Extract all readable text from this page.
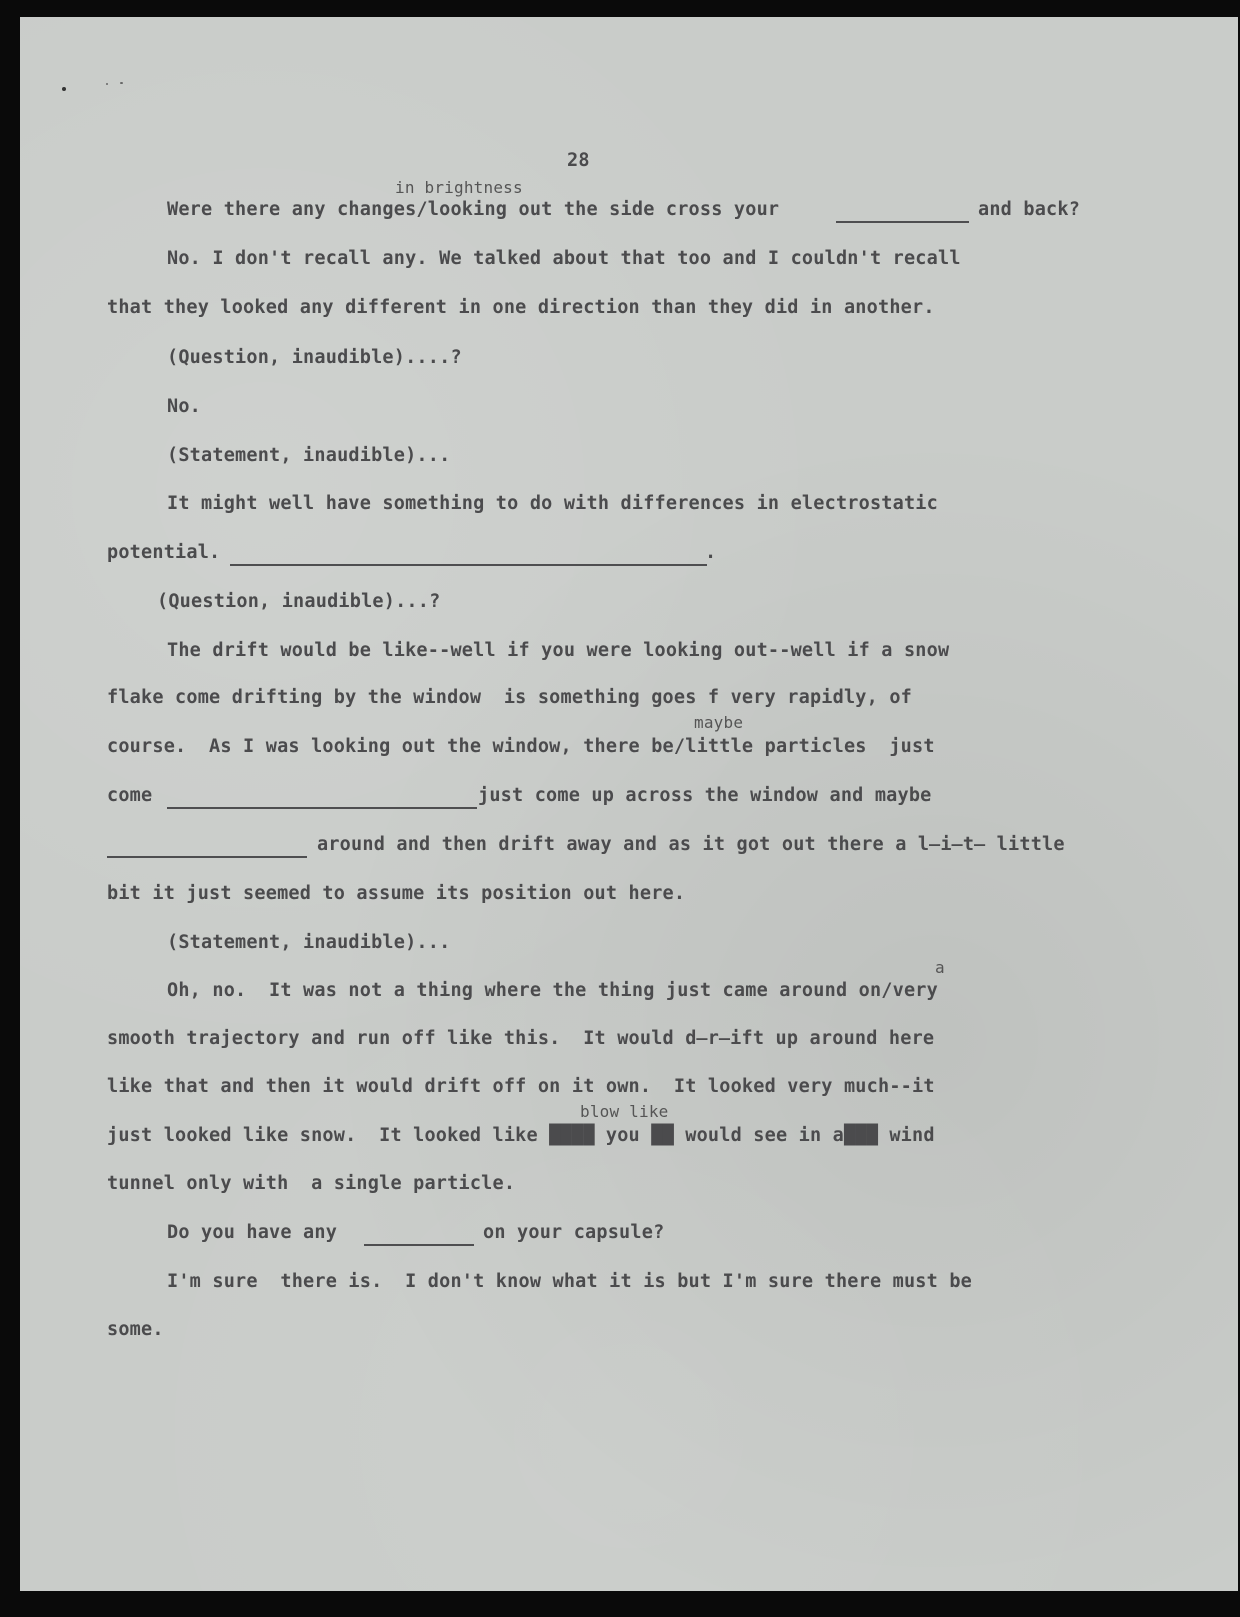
28
in brightness
Were there any changes/looking out the side cross your	and back?
No. I don't recall any. We talked about that too and I couldn't recall
that they looked any different in one direction than they did in another.
(Question, inaudible)....?
No.
(Statement, inaudible)...
It might well have something to do with differences in electrostatic
potential.	.
(Question, inaudible)...?
The drift would be like--well if you were looking out--well if a snow
flake come drifting by the window  is something goes f very rapidly, of
maybe
course.  As I was looking out the window, there be/little particles  just
come	just come up across the window and maybe
around and then drift away and as it got out there a l̶i̶t̶ little
bit it just seemed to assume its position out here.
(Statement, inaudible)...
a
Oh, no.  It was not a thing where the thing just came around on/very
smooth trajectory and run off like this.  It would d̶r̶ift up around here
like that and then it would drift off on it own.  It looked very much--it
blow like
just looked like snow.  It looked like ████ you ██ would see in a███ wind
tunnel only with  a single particle.
Do you have any	on your capsule?
I'm sure  there is.  I don't know what it is but I'm sure there must be
some.
